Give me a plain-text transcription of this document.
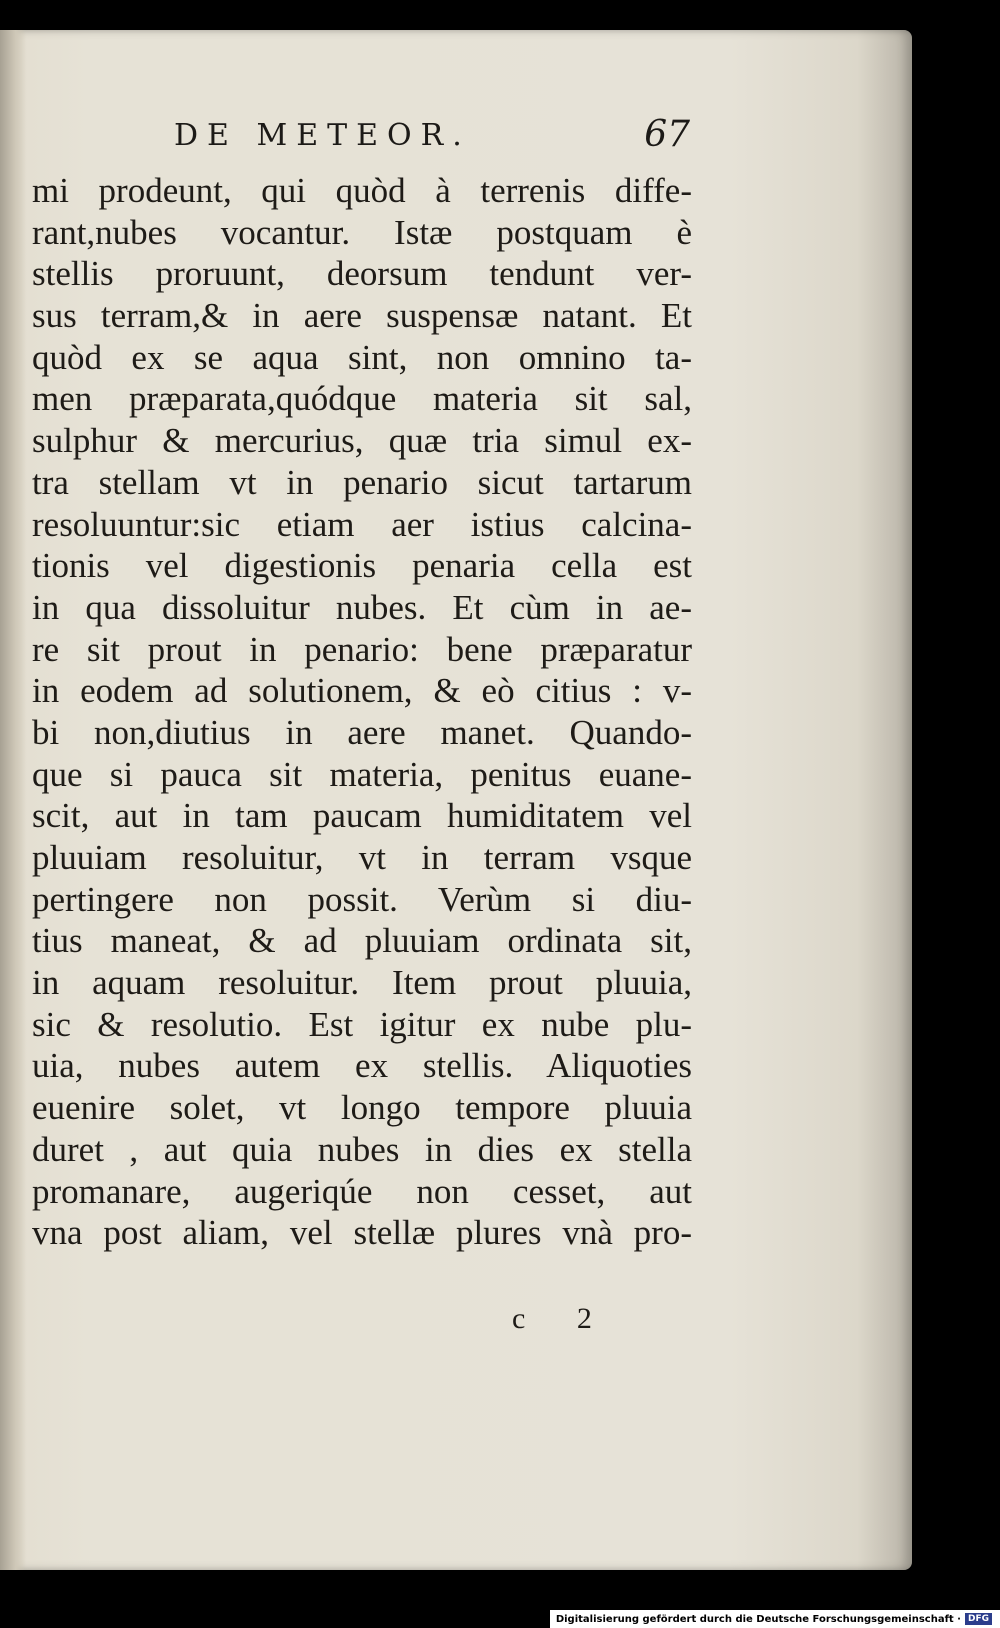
DE METEOR.	67
mi prodeunt, qui quòd à terrenis diffe-
rant,nubes vocantur. Istæ postquam è
stellis proruunt, deorsum tendunt ver-
sus terram,& in aere suspensæ natant. Et
quòd ex se aqua sint, non omnino ta-
men præparata,quódque materia sit sal,
sulphur & mercurius, quæ tria simul ex-
tra stellam vt in penario sicut tartarum
resoluuntur:sic etiam aer istius calcina-
tionis vel digestionis penaria cella est
in qua dissoluitur nubes. Et cùm in ae-
re sit prout in penario: bene præparatur
in eodem ad solutionem, & eò citius : v-
bi non,diutius in aere manet. Quando-
que si pauca sit materia, penitus euane-
scit, aut in tam paucam humiditatem vel
pluuiam resoluitur, vt in terram vsque
pertingere non possit. Verùm si diu-
tius maneat, & ad pluuiam ordinata sit,
in aquam resoluitur. Item prout pluuia,
sic & resolutio. Est igitur ex nube plu-
uia, nubes autem ex stellis. Aliquoties
euenire solet, vt longo tempore pluuia
duret , aut quia nubes in dies ex stella
promanare, augeriqúe non cesset, aut
vna post aliam, vel stellæ plures vnà pro-
c 2
Digitalisierung gefördert durch die Deutsche Forschungsgemeinschaft · DFG
